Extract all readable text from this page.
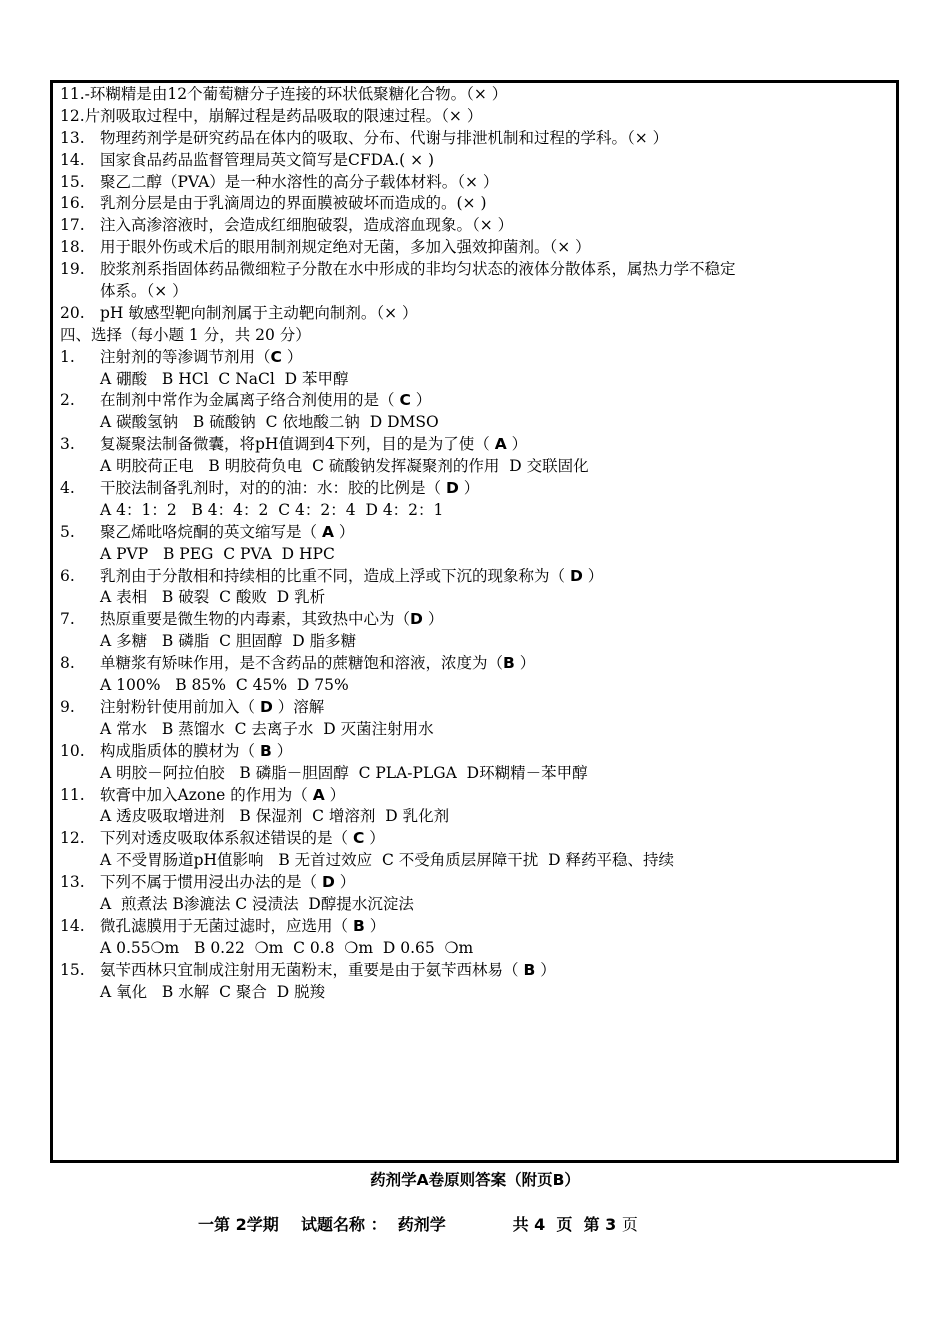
11.-环糊精是由12个葡萄糖分子连接的环状低聚糖化合物。（× ）
12.片剂吸取过程中，崩解过程是药品吸取的限速过程。（× ）
13. 物理药剂学是研究药品在体内的吸取、分布、代谢与排泄机制和过程的学科。（× ）
14. 国家食品药品监督管理局英文简写是CFDA.( × )
15. 聚乙二醇（PVA）是一种水溶性的高分子载体材料。（× ）
16. 乳剂分层是由于乳滴周边的界面膜被破坏而造成的。(× )
17. 注入高渗溶液时，会造成红细胞破裂，造成溶血现象。（× ）
18. 用于眼外伤或术后的眼用制剂规定绝对无菌，多加入强效抑菌剂。（× ）
19. 胶浆剂系指固体药品微细粒子分散在水中形成的非均匀状态的液体分散体系，属热力学不稳定
体系。（× ）
20. pH 敏感型靶向制剂属于主动靶向制剂。（× ）
四、选择（每小题 1 分，共 20 分）
1. 注射剂的等渗调节剂用（C ）
A 硼酸   B HCl  C NaCl  D 苯甲醇
2. 在制剂中常作为金属离子络合剂使用的是（ C ）
A 碳酸氢钠   B 硫酸钠  C 依地酸二钠  D DMSO
3. 复凝聚法制备微囊，将pH值调到4下列，目的是为了使（ A ）
A 明胶荷正电   B 明胶荷负电  C 硫酸钠发挥凝聚剂的作用  D 交联固化
4. 干胶法制备乳剂时，对的的油：水：胶的比例是（ D ）
A 4：1：2   B 4：4：2  C 4：2：4  D 4：2：1
5. 聚乙烯吡咯烷酮的英文缩写是（ A ）
A PVP   B PEG  C PVA  D HPC
6. 乳剂由于分散相和持续相的比重不同，造成上浮或下沉的现象称为（ D ）
A 表相   B 破裂  C 酸败  D 乳析
7. 热原重要是微生物的内毒素，其致热中心为（D ）
A 多糖   B 磷脂  C 胆固醇  D 脂多糖
8. 单糖浆有矫味作用，是不含药品的蔗糖饱和溶液，浓度为（B ）
A 100%   B 85%  C 45%  D 75%
9. 注射粉针使用前加入（ D ）溶解
A 常水   B 蒸馏水  C 去离子水  D 灭菌注射用水
10. 构成脂质体的膜材为（ B ）
A 明胶－阿拉伯胶   B 磷脂－胆固醇  C PLA-PLGA  D环糊精－苯甲醇
11. 软膏中加入Azone 的作用为（ A ）
A 透皮吸取增进剂   B 保湿剂  C 增溶剂  D 乳化剂
12. 下列对透皮吸取体系叙述错误的是（ C ）
A 不受胃肠道pH值影响   B 无首过效应  C 不受角质层屏障干扰  D 释药平稳、持续
13. 下列不属于惯用浸出办法的是（ D ）
A  煎煮法 B渗漉法 C 浸渍法  D醇提水沉淀法
14. 微孔滤膜用于无菌过滤时，应选用（ B ）
A 0.55❍m   B 0.22  ❍m  C 0.8  ❍m  D 0.65  ❍m
15. 氨苄西林只宜制成注射用无菌粉末，重要是由于氨苄西林易（ B ）
A 氧化   B 水解  C 聚合  D 脱羧
药剂学A卷原则答案（附页B）
一第 2学期 试题名称 ： 药剂学	共 4  页 第 3 页
